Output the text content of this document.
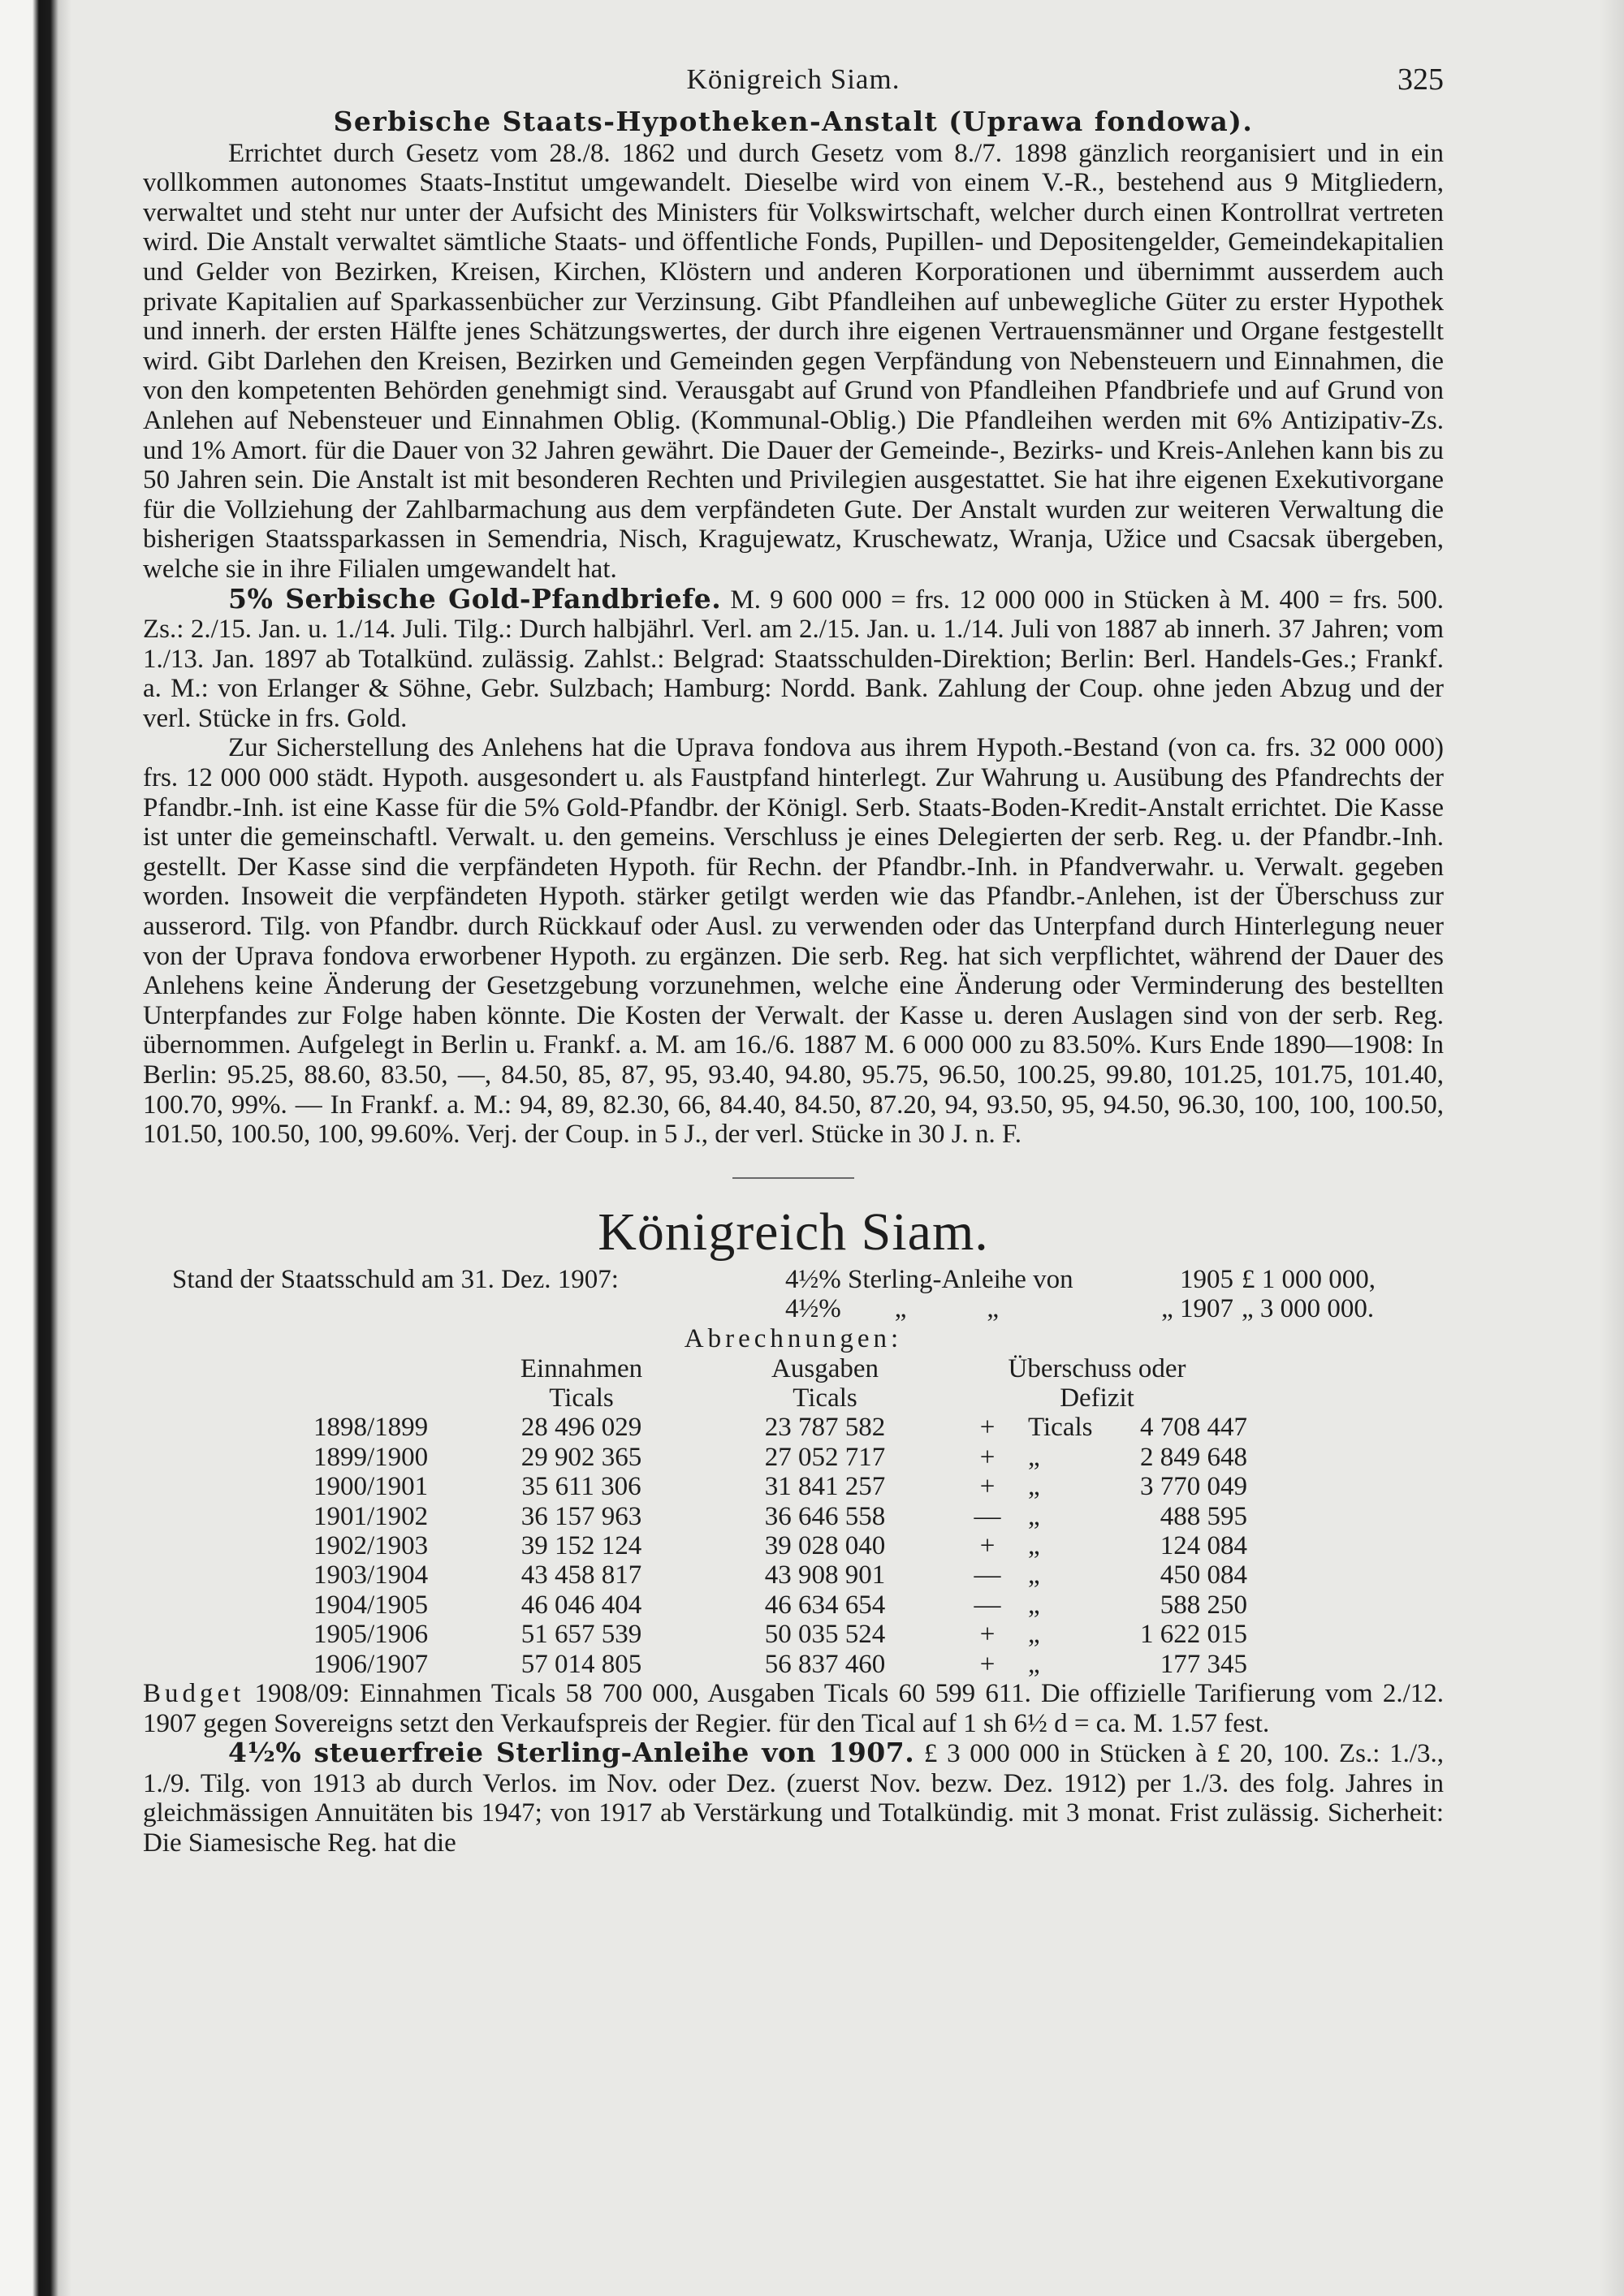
Königreich Siam.	325
Serbische Staats-Hypotheken-Anstalt (Uprawa fondowa).

Errichtet durch Gesetz vom 28./8. 1862 und durch Gesetz vom 8./7. 1898 gänzlich reorganisiert und in ein vollkommen autonomes Staats-Institut umgewandelt. Dieselbe wird von einem V.-R., bestehend aus 9 Mitgliedern, verwaltet und steht nur unter der Aufsicht des Ministers für Volkswirtschaft, welcher durch einen Kontrollrat vertreten wird. Die Anstalt verwaltet sämtliche Staats- und öffentliche Fonds, Pupillen- und Depositengelder, Gemeindekapitalien und Gelder von Bezirken, Kreisen, Kirchen, Klöstern und anderen Korporationen und übernimmt ausserdem auch private Kapitalien auf Sparkassenbücher zur Verzinsung. Gibt Pfandleihen auf unbewegliche Güter zu erster Hypothek und innerh. der ersten Hälfte jenes Schätzungswertes, der durch ihre eigenen Vertrauensmänner und Organe festgestellt wird. Gibt Darlehen den Kreisen, Bezirken und Gemeinden gegen Verpfändung von Nebensteuern und Einnahmen, die von den kompetenten Behörden genehmigt sind. Verausgabt auf Grund von Pfandleihen Pfandbriefe und auf Grund von Anlehen auf Nebensteuer und Einnahmen Oblig. (Kommunal-Oblig.) Die Pfandleihen werden mit 6% Antizipativ-Zs. und 1% Amort. für die Dauer von 32 Jahren gewährt. Die Dauer der Gemeinde-, Bezirks- und Kreis-Anlehen kann bis zu 50 Jahren sein. Die Anstalt ist mit besonderen Rechten und Privilegien ausgestattet. Sie hat ihre eigenen Exekutivorgane für die Vollziehung der Zahlbarmachung aus dem verpfändeten Gute. Der Anstalt wurden zur weiteren Verwaltung die bisherigen Staatssparkassen in Semendria, Nisch, Kragujewatz, Kruschewatz, Wranja, Užice und Csacsak übergeben, welche sie in ihre Filialen umgewandelt hat.

5% Serbische Gold-Pfandbriefe. M. 9 600 000 = frs. 12 000 000 in Stücken à M. 400 = frs. 500. Zs.: 2./15. Jan. u. 1./14. Juli. Tilg.: Durch halbjährl. Verl. am 2./15. Jan. u. 1./14. Juli von 1887 ab innerh. 37 Jahren; vom 1./13. Jan. 1897 ab Totalkünd. zulässig. Zahlst.: Belgrad: Staatsschulden-Direktion; Berlin: Berl. Handels-Ges.; Frankf. a. M.: von Erlanger & Söhne, Gebr. Sulzbach; Hamburg: Nordd. Bank. Zahlung der Coup. ohne jeden Abzug und der verl. Stücke in frs. Gold.

Zur Sicherstellung des Anlehens hat die Uprava fondova aus ihrem Hypoth.-Bestand (von ca. frs. 32 000 000) frs. 12 000 000 städt. Hypoth. ausgesondert u. als Faustpfand hinterlegt. Zur Wahrung u. Ausübung des Pfandrechts der Pfandbr.-Inh. ist eine Kasse für die 5% Gold-Pfandbr. der Königl. Serb. Staats-Boden-Kredit-Anstalt errichtet. Die Kasse ist unter die gemeinschaftl. Verwalt. u. den gemeins. Verschluss je eines Delegierten der serb. Reg. u. der Pfandbr.-Inh. gestellt. Der Kasse sind die verpfändeten Hypoth. für Rechn. der Pfandbr.-Inh. in Pfandverwahr. u. Verwalt. gegeben worden. Insoweit die verpfändeten Hypoth. stärker getilgt werden wie das Pfandbr.-Anlehen, ist der Überschuss zur ausserord. Tilg. von Pfandbr. durch Rückkauf oder Ausl. zu verwenden oder das Unterpfand durch Hinterlegung neuer von der Uprava fondova erworbener Hypoth. zu ergänzen. Die serb. Reg. hat sich verpflichtet, während der Dauer des Anlehens keine Änderung der Gesetzgebung vorzunehmen, welche eine Änderung oder Verminderung des bestellten Unterpfandes zur Folge haben könnte. Die Kosten der Verwalt. der Kasse u. deren Auslagen sind von der serb. Reg. übernommen. Aufgelegt in Berlin u. Frankf. a. M. am 16./6. 1887 M. 6 000 000 zu 83.50%. Kurs Ende 1890—1908: In Berlin: 95.25, 88.60, 83.50, —, 84.50, 85, 87, 95, 93.40, 94.80, 95.75, 96.50, 100.25, 99.80, 101.25, 101.75, 101.40, 100.70, 99%. — In Frankf. a. M.: 94, 89, 82.30, 66, 84.40, 84.50, 87.20, 94, 93.50, 95, 94.50, 96.30, 100, 100, 100.50, 101.50, 100.50, 100, 99.60%. Verj. der Coup. in 5 J., der verl. Stücke in 30 J. n. F.

Königreich Siam.
Stand der Staatsschuld am 31. Dez. 1907:	4½% Sterling-Anleihe von	1905 £ 1 000 000,
4½%        „            „	„ 1907 „ 3 000 000.
Abrechnungen:
	Einnahmen	Ausgaben	Überschuss oder		
	Ticals	Ticals	Defizit		
1898/1899	28 496 029	23 787 582	+	Ticals	4 708 447
1899/1900	29 902 365	27 052 717	+	„	2 849 648
1900/1901	35 611 306	31 841 257	+	„	3 770 049
1901/1902	36 157 963	36 646 558	—	„	488 595
1902/1903	39 152 124	39 028 040	+	„	124 084
1903/1904	43 458 817	43 908 901	—	„	450 084
1904/1905	46 046 404	46 634 654	—	„	588 250
1905/1906	51 657 539	50 035 524	+	„	1 622 015
1906/1907	57 014 805	56 837 460	+	„	177 345

Budget 1908/09: Einnahmen Ticals 58 700 000, Ausgaben Ticals 60 599 611. Die offizielle Tarifierung vom 2./12. 1907 gegen Sovereigns setzt den Verkaufspreis der Regier. für den Tical auf 1 sh 6½ d = ca. M. 1.57 fest.

4½% steuerfreie Sterling-Anleihe von 1907. £ 3 000 000 in Stücken à £ 20, 100. Zs.: 1./3., 1./9. Tilg. von 1913 ab durch Verlos. im Nov. oder Dez. (zuerst Nov. bezw. Dez. 1912) per 1./3. des folg. Jahres in gleichmässigen Annuitäten bis 1947; von 1917 ab Verstärkung und Totalkündig. mit 3 monat. Frist zulässig. Sicherheit: Die Siamesische Reg. hat die
